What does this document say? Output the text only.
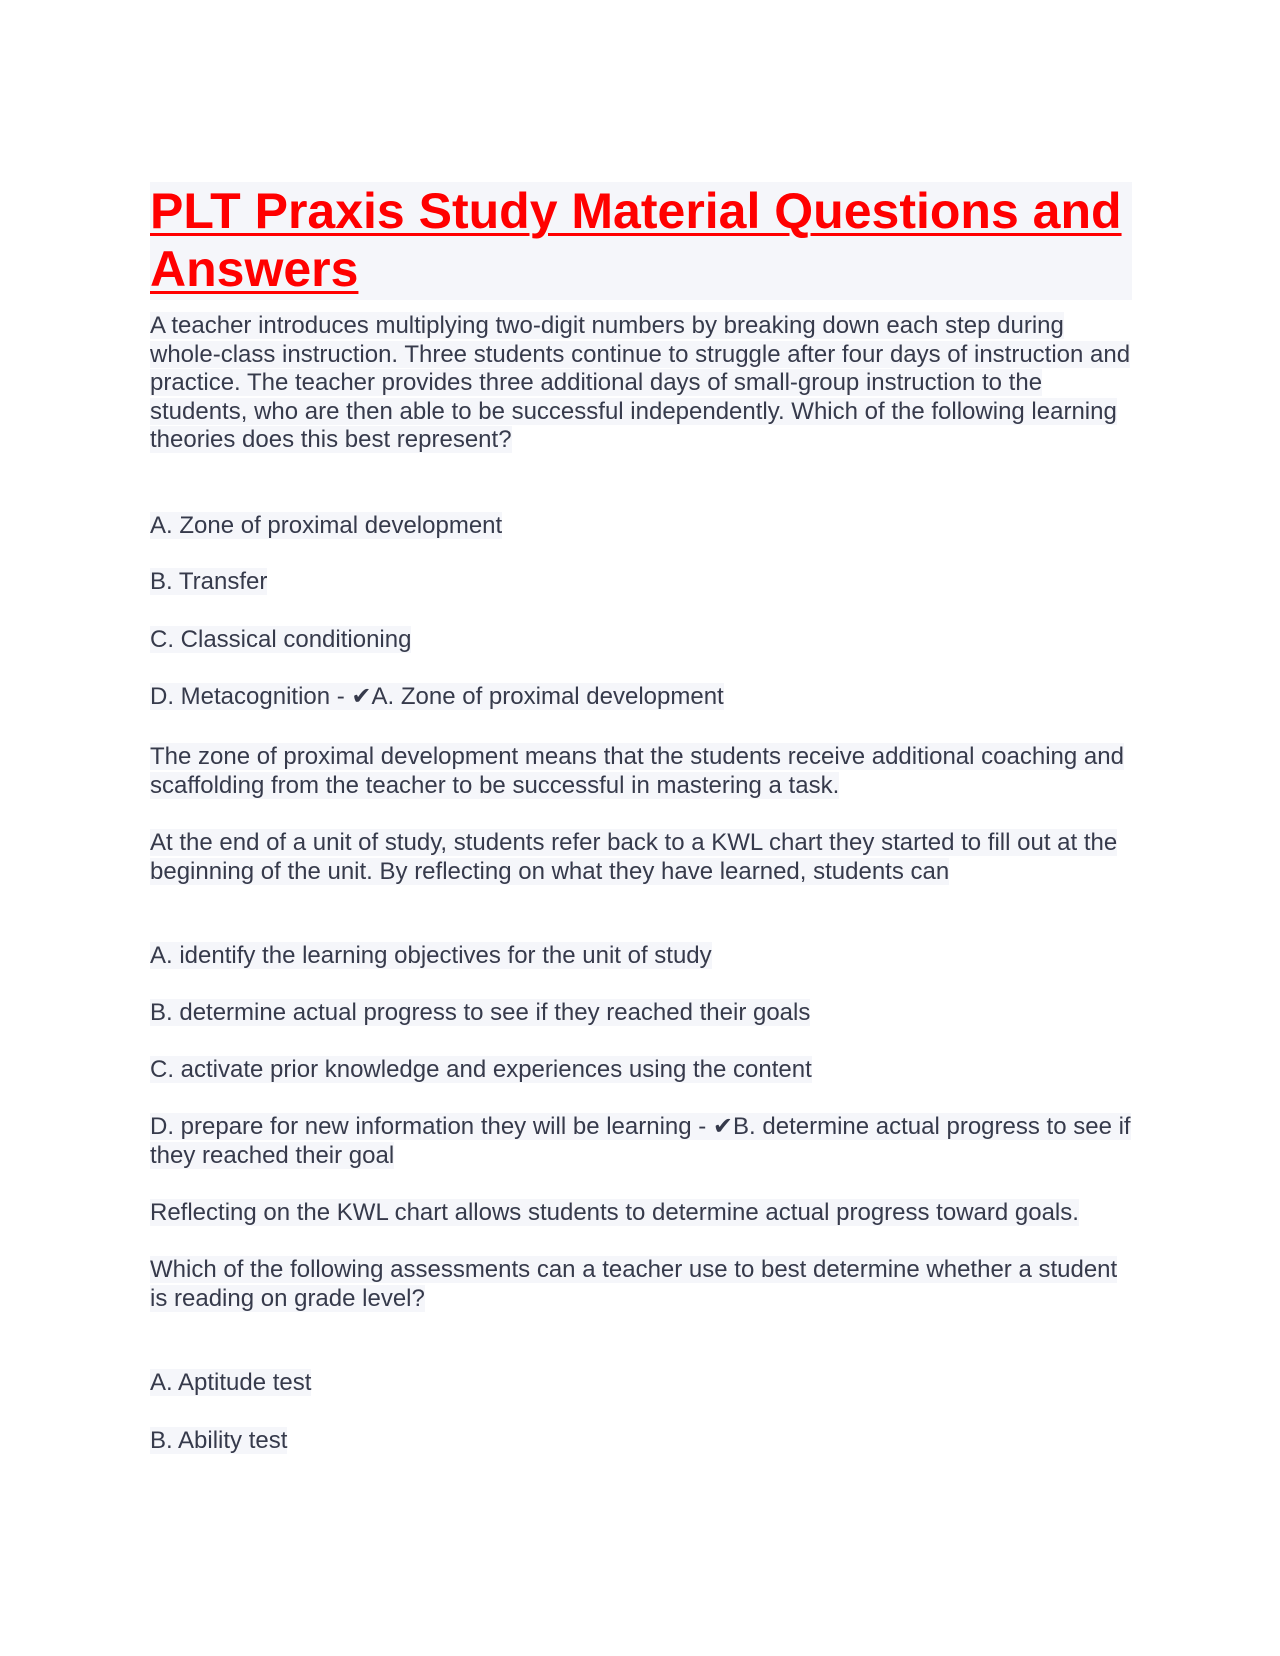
PLT Praxis Study Material Questions and Answers
A teacher introduces multiplying two-digit numbers by breaking down each step during whole-class instruction. Three students continue to struggle after four days of instruction and practice. The teacher provides three additional days of small-group instruction to the students, who are then able to be successful independently. Which of the following learning theories does this best represent?
A. Zone of proximal development
B. Transfer
C. Classical conditioning
D. Metacognition - ✔A. Zone of proximal development
The zone of proximal development means that the students receive additional coaching and scaffolding from the teacher to be successful in mastering a task.
At the end of a unit of study, students refer back to a KWL chart they started to fill out at the beginning of the unit. By reflecting on what they have learned, students can
A. identify the learning objectives for the unit of study
B. determine actual progress to see if they reached their goals
C. activate prior knowledge and experiences using the content
D. prepare for new information they will be learning - ✔B. determine actual progress to see if they reached their goal
Reflecting on the KWL chart allows students to determine actual progress toward goals.
Which of the following assessments can a teacher use to best determine whether a student is reading on grade level?
A. Aptitude test
B. Ability test
